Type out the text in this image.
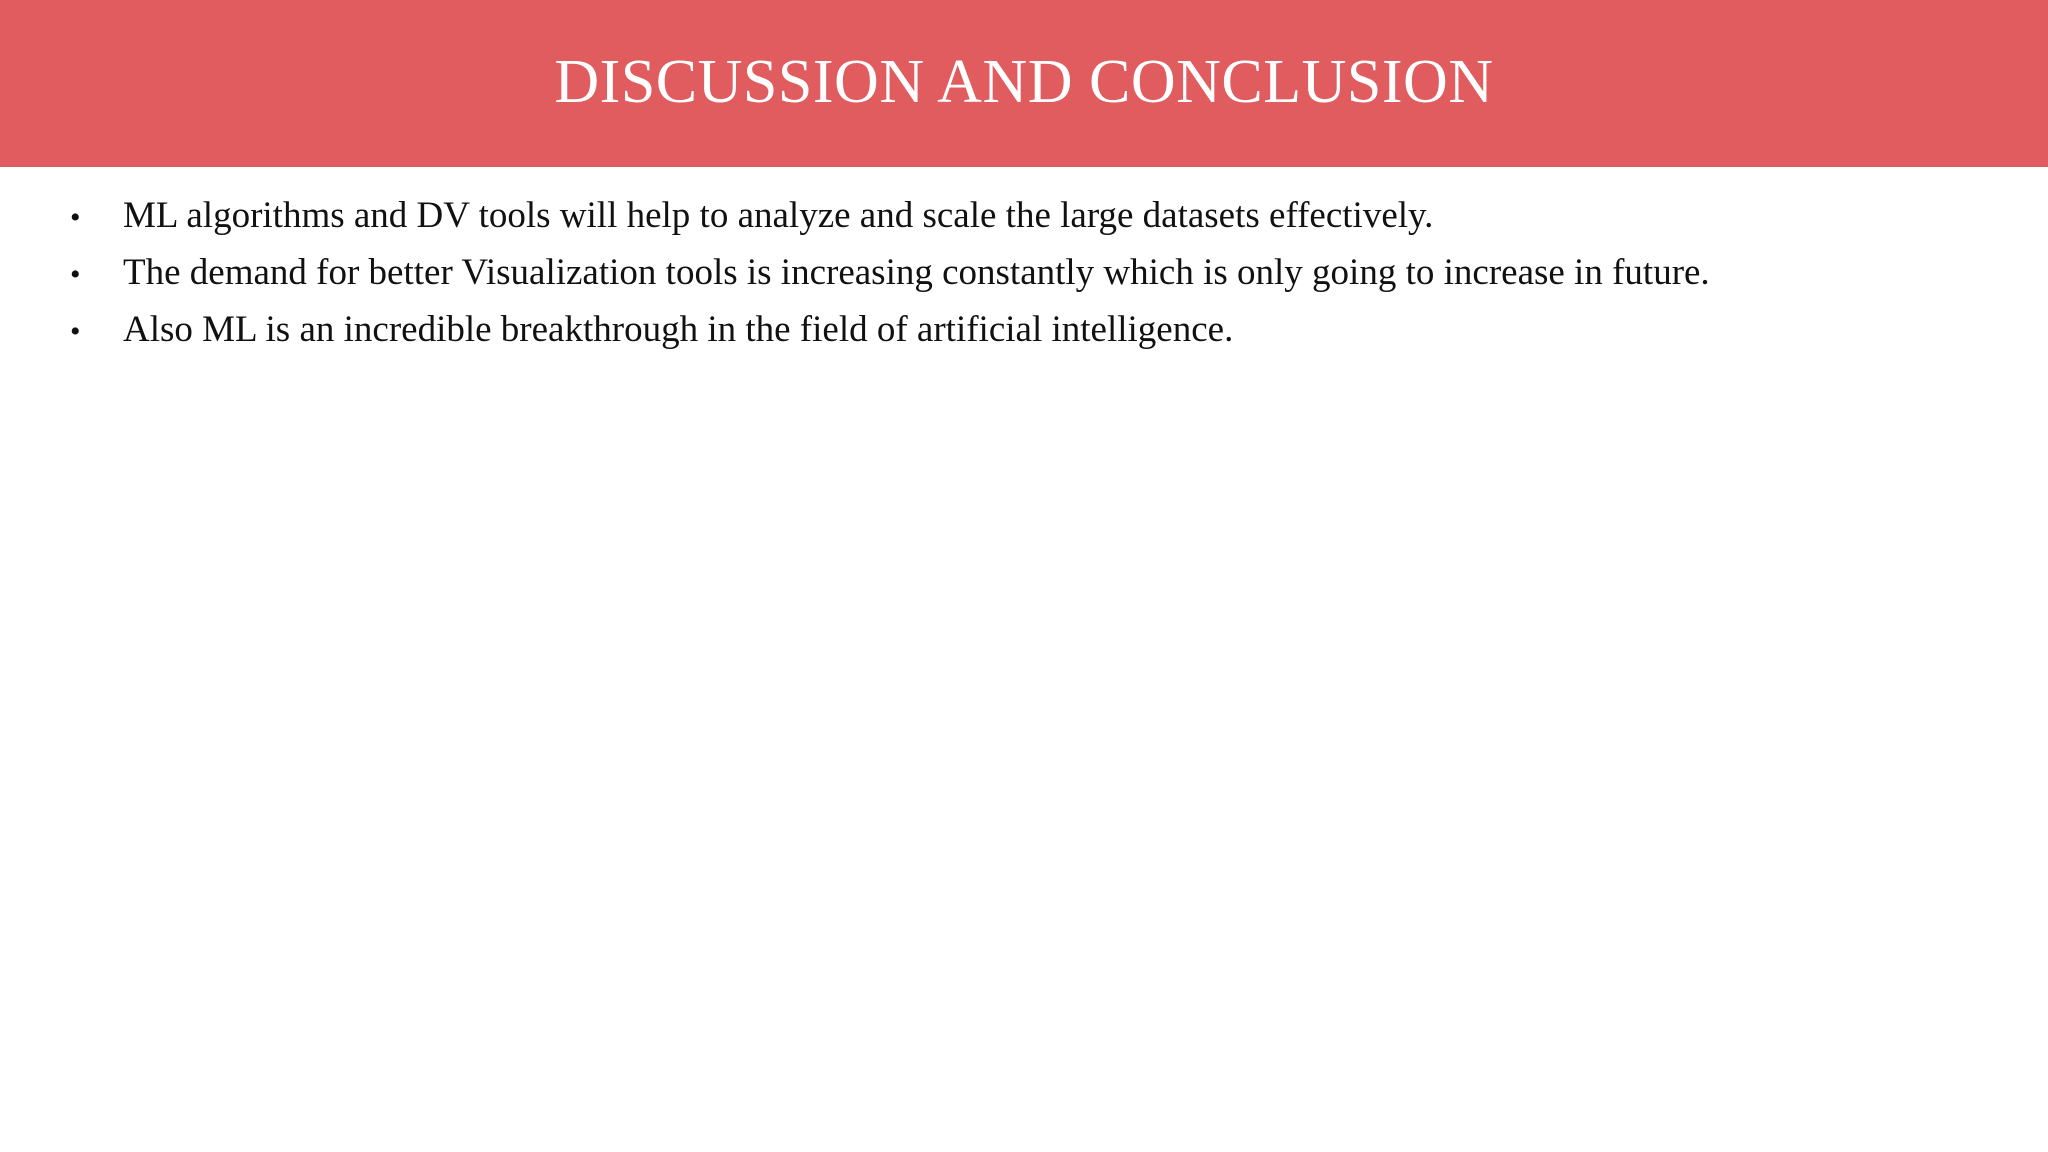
DISCUSSION AND CONCLUSION
•	ML algorithms and DV tools will help to analyze and scale the large datasets effectively.
•	The demand for better Visualization tools is increasing constantly which is only going to increase in future.
•	Also ML is an incredible breakthrough in the field of artificial intelligence.
